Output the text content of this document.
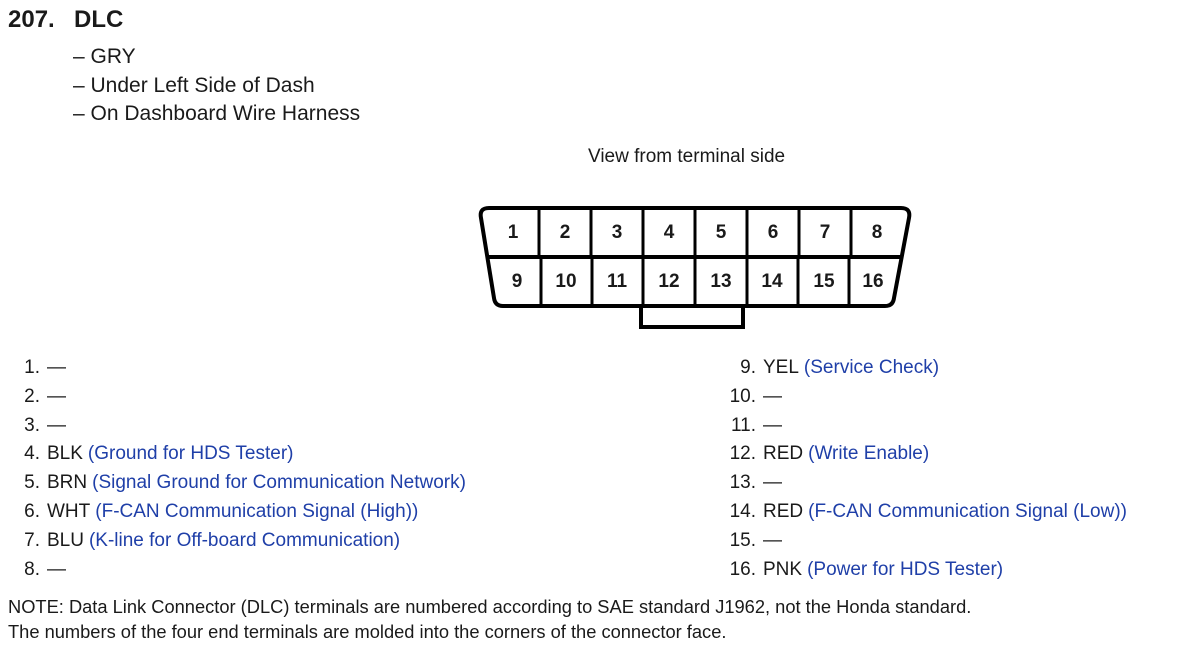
207. DLC
– GRY
– Under Left Side of Dash
– On Dashboard Wire Harness
View from terminal side
1 2 3 4 5 6 7 8
9 10 11 12 13 14 15 16
1. —
2. —
3. —
4. BLK (Ground for HDS Tester)
5. BRN (Signal Ground for Communication Network)
6. WHT (F-CAN Communication Signal (High))
7. BLU (K-line for Off-board Communication)
8. —
9. YEL (Service Check)
10. —
11. —
12. RED (Write Enable)
13. —
14. RED (F-CAN Communication Signal (Low))
15. —
16. PNK (Power for HDS Tester)
NOTE: Data Link Connector (DLC) terminals are numbered according to SAE standard J1962, not the Honda standard.
The numbers of the four end terminals are molded into the corners of the connector face.
